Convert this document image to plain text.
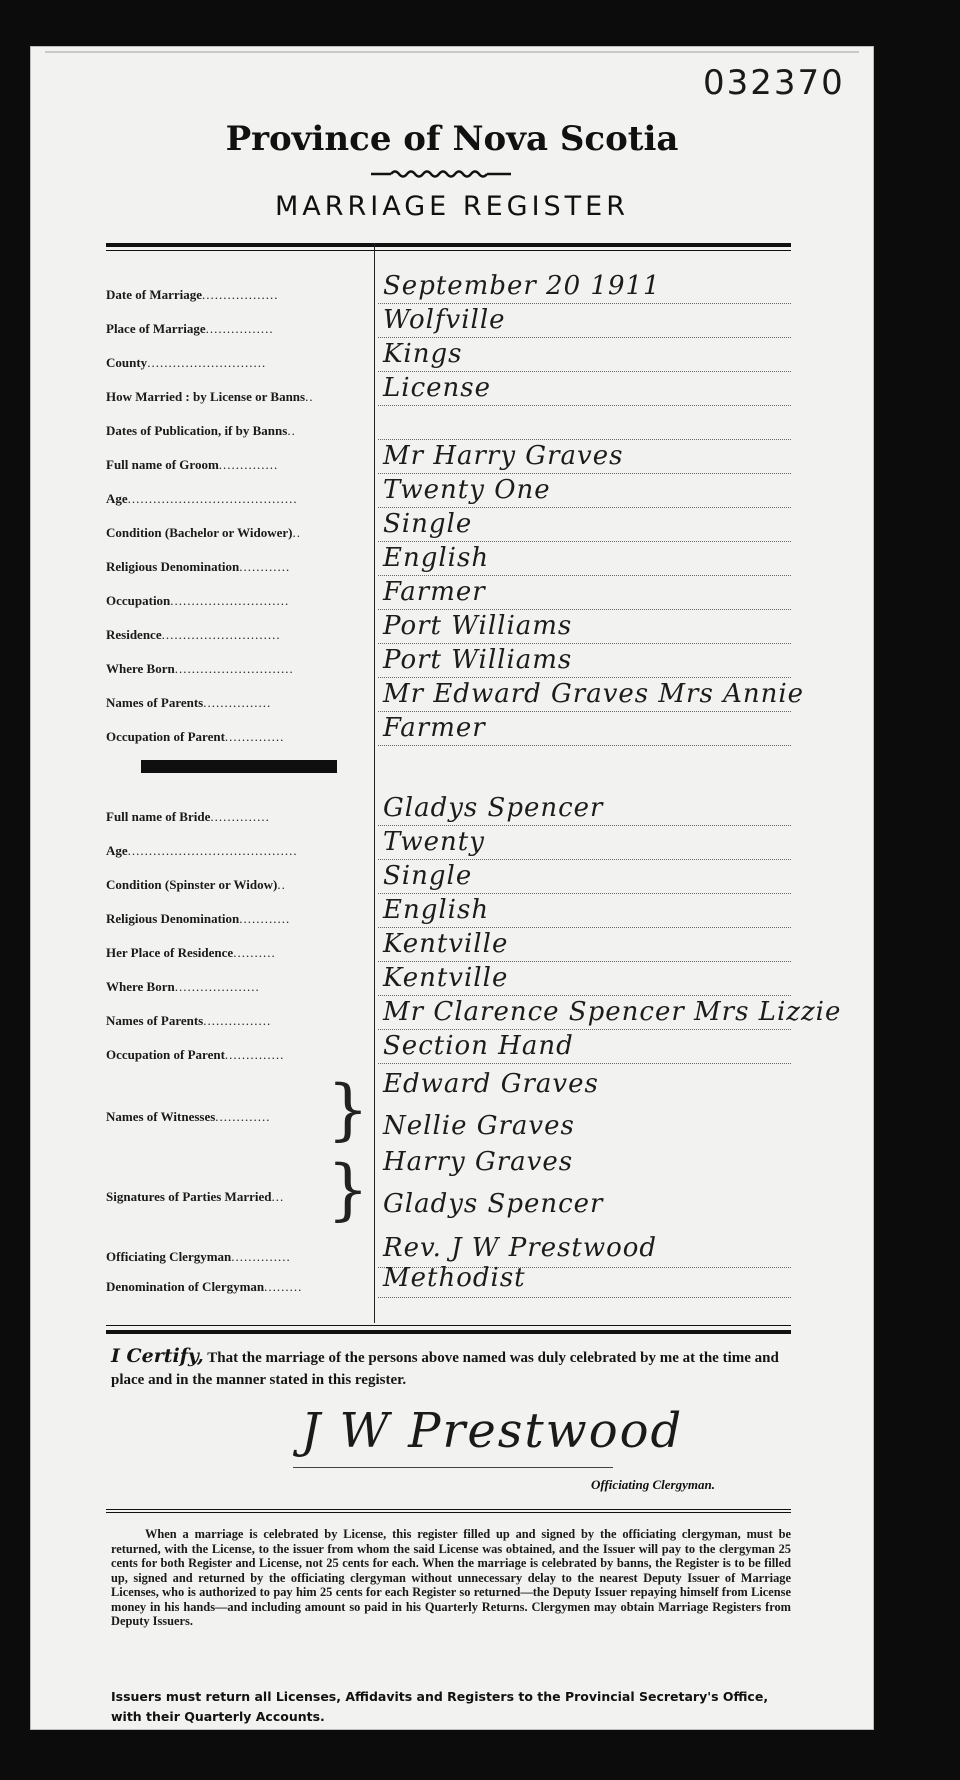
032370
Province of Nova Scotia
MARRIAGE REGISTER
Date of Marriage..................	September 20 1911
Place of Marriage................	Wolfville
County............................	Kings
How Married : by License or Banns..	License
Dates of Publication, if by Banns..
Full name of Groom..............	Mr Harry Graves
Age........................................	Twenty One
Condition (Bachelor or Widower)..	Single
Religious Denomination............	English
Occupation............................	Farmer
Residence............................	Port Williams
Where Born............................	Port Williams
Names of Parents................	Mr Edward Graves Mrs Annie
Occupation of Parent..............	Farmer
Full name of Bride..............	Gladys Spencer
Age........................................	Twenty
Condition (Spinster or Widow)..	Single
Religious Denomination............	English
Her Place of Residence..........	Kentville
Where Born....................	Kentville
Names of Parents................	Mr Clarence Spencer Mrs Lizzie
Occupation of Parent..............	Section Hand
Names of Witnesses............. } Edward Graves
Nellie Graves
Signatures of Parties Married... } Harry Graves
Gladys Spencer
Officiating Clergyman..............	Rev. J W Prestwood
Denomination of Clergyman.........	Methodist
I Certify, That the marriage of the persons above named was duly celebrated by me at the time and place and in the manner stated in this register.
J W Prestwood
Officiating Clergyman.
When a marriage is celebrated by License, this register filled up and signed by the officiating clergyman, must be returned, with the License, to the issuer from whom the said License was obtained, and the Issuer will pay to the clergyman 25 cents for both Register and License, not 25 cents for each. When the marriage is celebrated by banns, the Register is to be filled up, signed and returned by the officiating clergyman without unnecessary delay to the nearest Deputy Issuer of Marriage Licenses, who is authorized to pay him 25 cents for each Register so returned—the Deputy Issuer repaying himself from License money in his hands—and including amount so paid in his Quarterly Returns. Clergymen may obtain Marriage Registers from Deputy Issuers.
Issuers must return all Licenses, Affidavits and Registers to the Provincial Secretary's Office, with their Quarterly Accounts.
